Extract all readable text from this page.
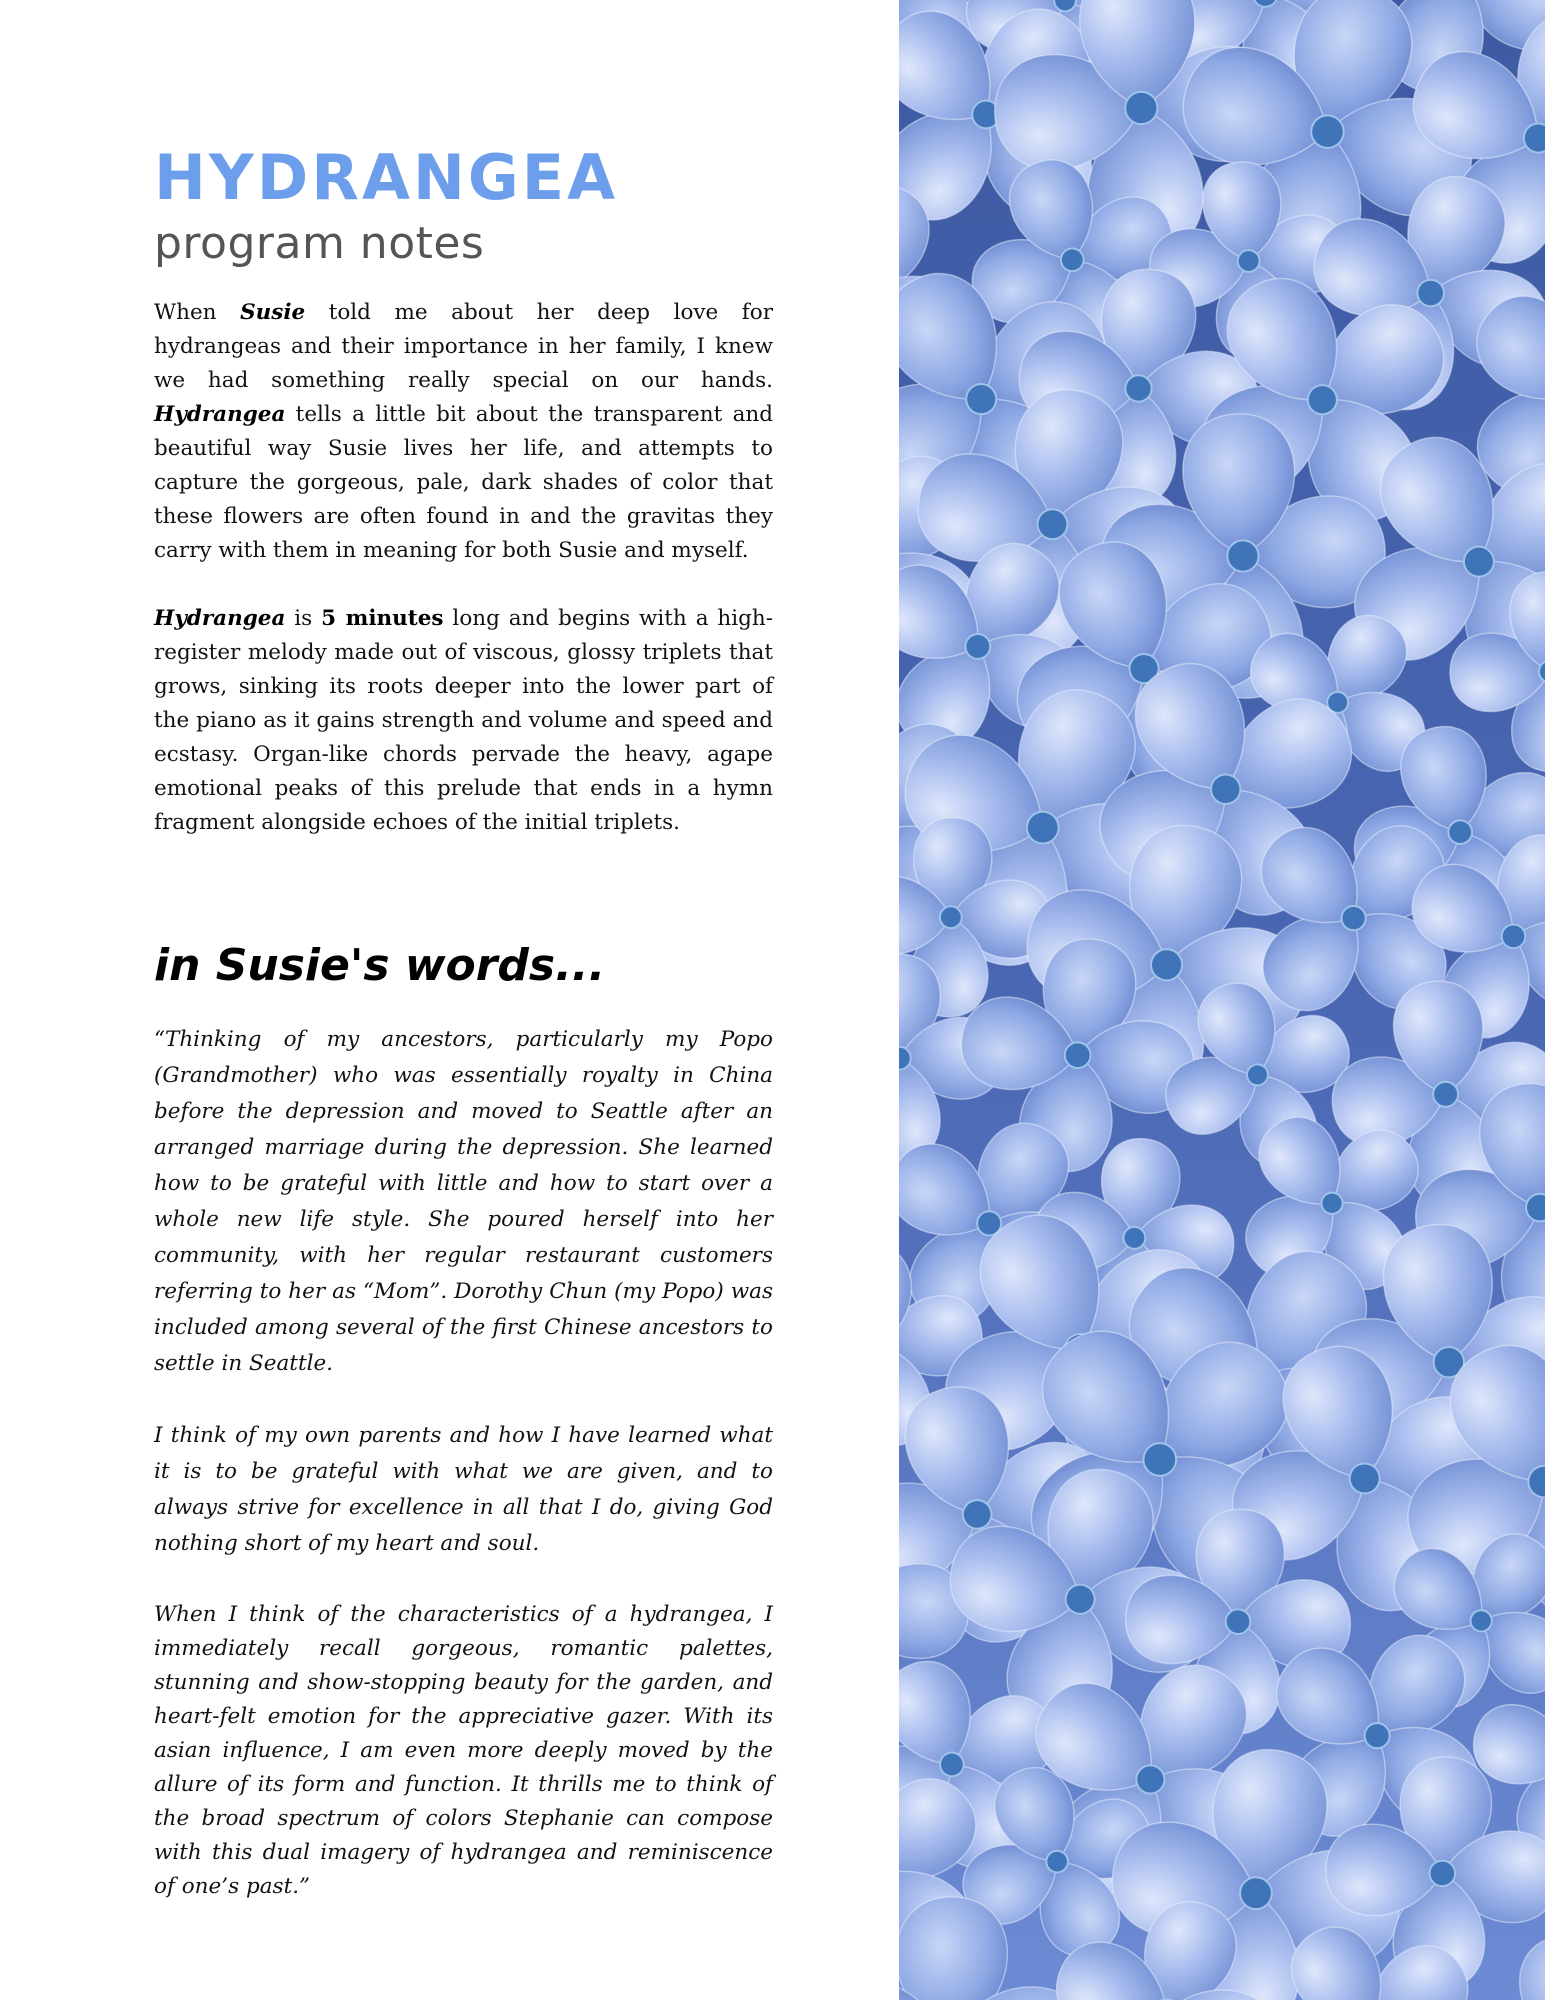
HYDRANGEA
program notes

When Susie told me about her deep love for hydrangeas and their importance in her family, I knew we had something really special on our hands. Hydrangea tells a little bit about the transparent and beautiful way Susie lives her life, and attempts to capture the gorgeous, pale, dark shades of color that these flowers are often found in and the gravitas they carry with them in meaning for both Susie and myself.

Hydrangea is 5 minutes long and begins with a high-register melody made out of viscous, glossy triplets that grows, sinking its roots deeper into the lower part of the piano as it gains strength and volume and speed and ecstasy. Organ-like chords pervade the heavy, agape emotional peaks of this prelude that ends in a hymn fragment alongside echoes of the initial triplets.

in Susie's words...

“Thinking of my ancestors, particularly my Popo (Grandmother) who was essentially royalty in China before the depression and moved to Seattle after an arranged marriage during the depression. She learned how to be grateful with little and how to start over a whole new life style. She poured herself into her community, with her regular restaurant customers referring to her as “Mom”. Dorothy Chun (my Popo) was included among several of the first Chinese ancestors to settle in Seattle.

I think of my own parents and how I have learned what it is to be grateful with what we are given, and to always strive for excellence in all that I do, giving God nothing short of my heart and soul.

When I think of the characteristics of a hydrangea, I immediately recall gorgeous, romantic palettes, stunning and show-stopping beauty for the garden, and heart-felt emotion for the appreciative gazer. With its asian influence, I am even more deeply moved by the allure of its form and function. It thrills me to think of the broad spectrum of colors Stephanie can compose with this dual imagery of hydrangea and reminiscence of one’s past.”
